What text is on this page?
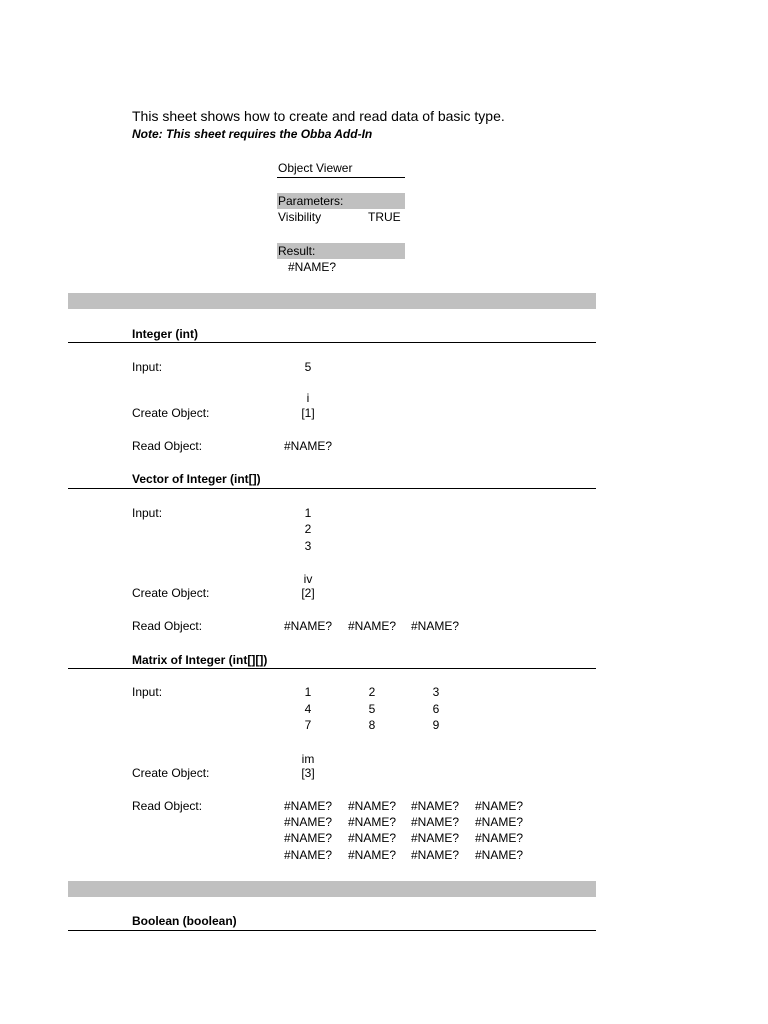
This sheet shows how to create and read data of basic type.
Note: This sheet requires the Obba Add-In
Object Viewer
Parameters:
Visibility	TRUE
Result:
#NAME?
Integer (int)
Input:	5
i
Create Object:	[1]
Read Object:	#NAME?
Vector of Integer (int[])
Input:	1
2
3
iv
Create Object:	[2]
Read Object:	#NAME? #NAME? #NAME?
Matrix of Integer (int[][])
Input:	1	2	3
4	5	6
7	8	9
im
Create Object:	[3]
Read Object:	#NAME? #NAME? #NAME? #NAME?
#NAME? #NAME? #NAME? #NAME?
#NAME? #NAME? #NAME? #NAME?
#NAME? #NAME? #NAME? #NAME?
Boolean (boolean)
